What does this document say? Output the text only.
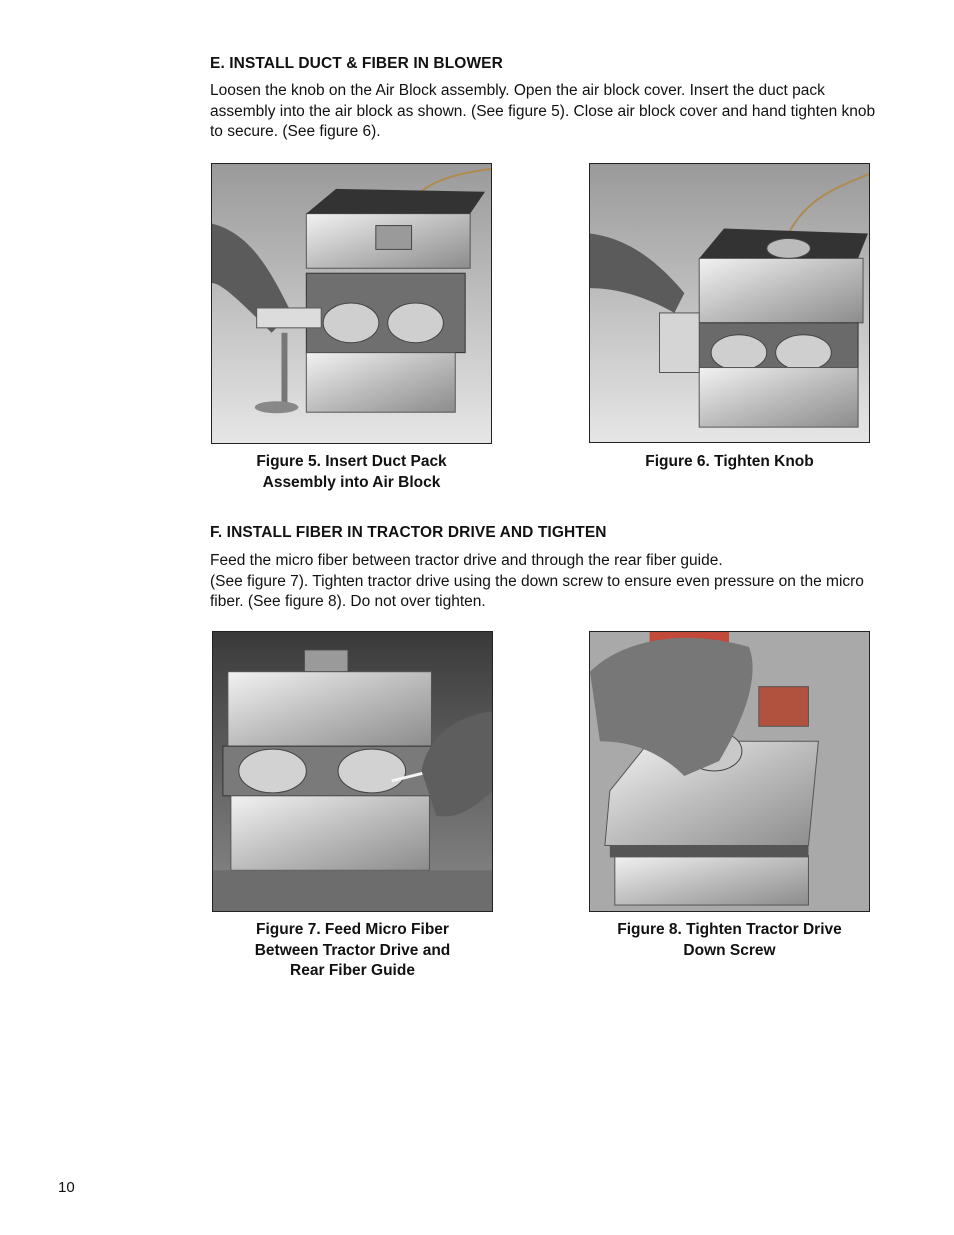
E. INSTALL DUCT & FIBER IN BLOWER
Loosen the knob on the Air Block assembly. Open the air block cover. Insert the duct pack assembly into the air block as shown. (See figure 5). Close air block cover and hand tighten knob to secure. (See figure 6).
Figure 5. Insert Duct Pack
Assembly into Air Block
Figure 6. Tighten Knob
F. INSTALL FIBER IN TRACTOR DRIVE AND TIGHTEN
Feed the micro fiber between tractor drive and through the rear fiber guide.
(See figure 7). Tighten tractor drive using the down screw to ensure even pressure on the micro fiber. (See figure 8). Do not over tighten.
Figure 7. Feed Micro Fiber
Between Tractor Drive and
Rear Fiber Guide
Figure 8. Tighten Tractor Drive
Down Screw
10
